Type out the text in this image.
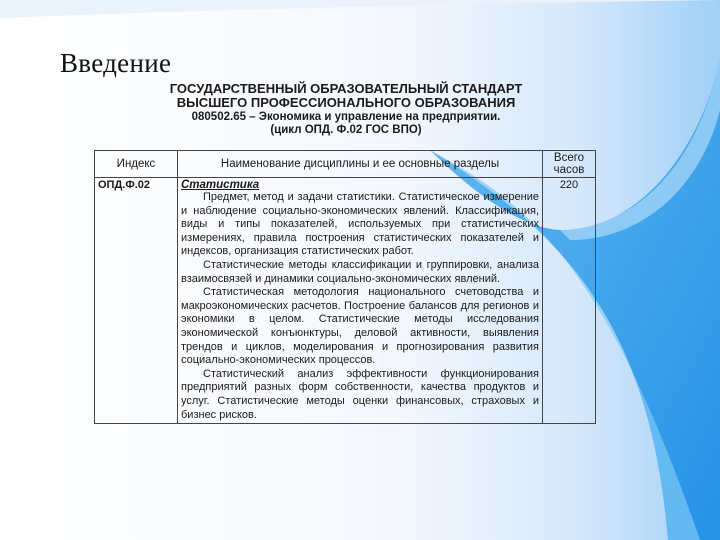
Введение
ГОСУДАРСТВЕННЫЙ ОБРАЗОВАТЕЛЬНЫЙ СТАНДАРТ
ВЫСШЕГО ПРОФЕССИОНАЛЬНОГО ОБРАЗОВАНИЯ
080502.65 – Экономика и управление на предприятии.
(цикл ОПД. Ф.02 ГОС ВПО)
Индекс	Наименование дисциплины и ее основные разделы	Всего часов
ОПД.Ф.02	Статистика

Предмет, метод и задачи статистики. Статистическое измерение и наблюдение социально-экономических явлений. Классификация, виды и типы показателей, используемых при статистических измерениях, правила построения статистических показателей и индексов, организация статистических работ.

Статистические методы классификации и группировки, анализа взаимосвязей и динамики социально-экономических явлений.

Статистическая методология национального счетоводства и макроэкономических расчетов. Построение балансов для регионов и экономики в целом. Статистические методы исследования экономической конъюнктуры, деловой активности, выявления трендов и циклов, моделирования и прогнозирования развития социально-экономических процессов.

Статистический анализ эффективности функционирования предприятий разных форм собственности, качества продуктов и услуг. Статистические методы оценки финансовых, страховых и бизнес рисков.	220
